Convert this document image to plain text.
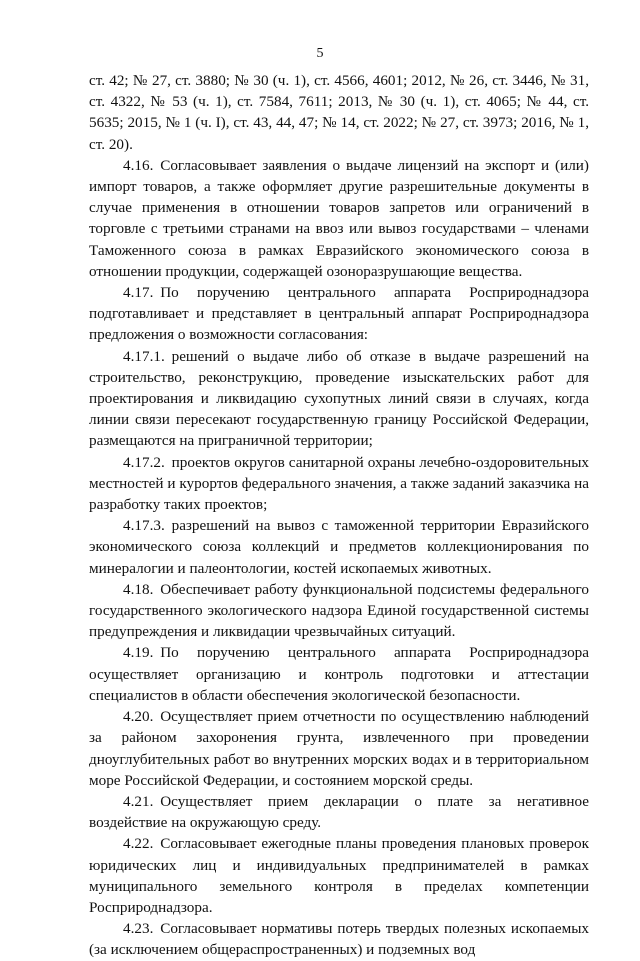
5

ст. 42; № 27, ст. 3880; № 30 (ч. 1), ст. 4566, 4601; 2012, № 26, ст. 3446, № 31, ст. 4322, № 53 (ч. 1), ст. 7584, 7611; 2013, № 30 (ч. 1), ст. 4065; № 44, ст. 5635; 2015, № 1 (ч. I), ст. 43, 44, 47; № 14, ст. 2022; № 27, ст. 3973; 2016, № 1, ст. 20).

4.16. Согласовывает заявления о выдаче лицензий на экспорт и (или) импорт товаров, а также оформляет другие разрешительные документы в случае применения в отношении товаров запретов или ограничений в торговле с третьими странами на ввоз или вывоз государствами – членами Таможенного союза в рамках Евразийского экономического союза в отношении продукции, содержащей озоноразрушающие вещества.

4.17. По поручению центрального аппарата Росприроднадзора подготавливает и представляет в центральный аппарат Росприроднадзора предложения о возможности согласования:

4.17.1. решений о выдаче либо об отказе в выдаче разрешений на строительство, реконструкцию, проведение изыскательских работ для проектирования и ликвидацию сухопутных линий связи в случаях, когда линии связи пересекают государственную границу Российской Федерации, размещаются на приграничной территории;

4.17.2. проектов округов санитарной охраны лечебно-оздоровительных местностей и курортов федерального значения, а также заданий заказчика на разработку таких проектов;

4.17.3. разрешений на вывоз с таможенной территории Евразийского экономического союза коллекций и предметов коллекционирования по минералогии и палеонтологии, костей ископаемых животных.

4.18. Обеспечивает работу функциональной подсистемы федерального государственного экологического надзора Единой государственной системы предупреждения и ликвидации чрезвычайных ситуаций.

4.19. По поручению центрального аппарата Росприроднадзора осуществляет организацию и контроль подготовки и аттестации специалистов в области обеспечения экологической безопасности.

4.20. Осуществляет прием отчетности по осуществлению наблюдений за районом захоронения грунта, извлеченного при проведении дноуглубительных работ во внутренних морских водах и в территориальном море Российской Федерации, и состоянием морской среды.

4.21. Осуществляет прием декларации о плате за негативное воздействие на окружающую среду.

4.22. Согласовывает ежегодные планы проведения плановых проверок юридических лиц и индивидуальных предпринимателей в рамках муниципального земельного контроля в пределах компетенции Росприроднадзора.

4.23. Согласовывает нормативы потерь твердых полезных ископаемых (за исключением общераспространенных) и подземных вод
